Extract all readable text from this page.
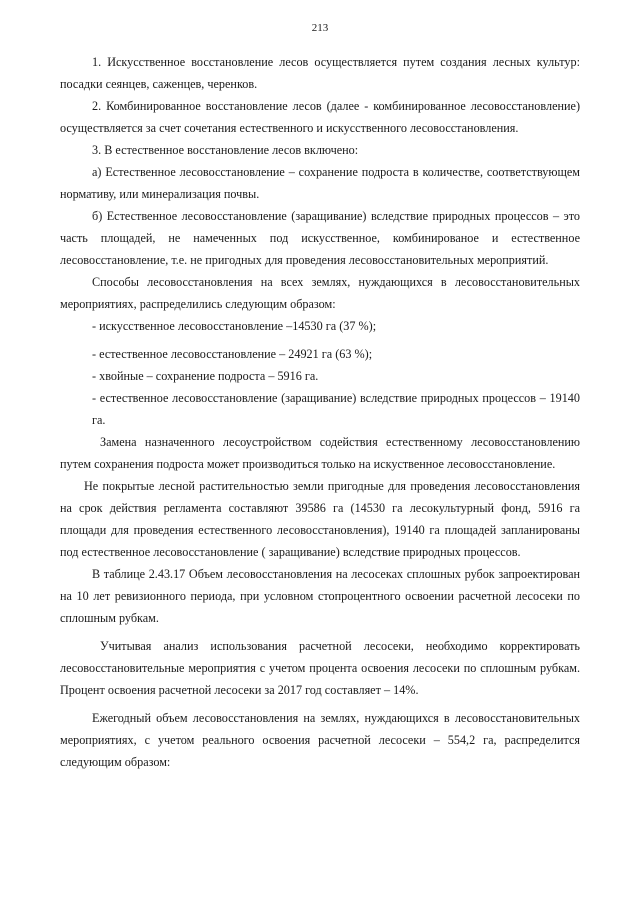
213

1. Искусственное восстановление лесов осуществляется путем создания лесных культур: посадки сеянцев, саженцев, черенков.

2. Комбинированное восстановление лесов (далее - комбинированное лесовосстановление) осуществляется за счет сочетания естественного и искусственного лесовосстановления.

3. В естественное восстановление лесов включено:

а) Естественное лесовосстановление – сохранение подроста в количестве, соответствующем нормативу, или минерализация почвы.

б) Естественное лесовосстановление (заращивание) вследствие природных процессов – это часть площадей, не намеченных под искусственное, комбинированое и естественное лесовосстановление, т.е. не пригодных для проведения лесовосстановительных мероприятий.

Способы лесовосстановления на всех землях, нуждающихся в лесовосстановительных мероприятиях, распределились следующим образом:

- искусственное лесовосстановление –14530 га (37 %);

- естественное лесовосстановление – 24921 га (63 %);

- хвойные – сохранение подроста – 5916 га.

- естественное лесовосстановление (заращивание) вследствие природных процессов – 19140 га.

Замена назначенного лесоустройством содействия естественному лесовосстановлению путем сохранения подроста может производиться только на искуственное лесовосстановление.

Не покрытые лесной растительностью земли пригодные для проведения лесовосстановления на срок действия регламента составляют 39586 га (14530 га лесокультурный фонд, 5916 га площади для проведения естественного лесовосстановления), 19140 га площадей запланированы под естественное лесовосстановление ( заращивание) вследствие природных процессов.

В таблице 2.43.17 Объем лесовосстановления на лесосеках сплошных рубок запроектирован на 10 лет ревизионного периода, при условном стопроцентного освоении расчетной лесосеки по сплошным рубкам.

Учитывая анализ использования расчетной лесосеки, необходимо корректировать лесовосстановительные мероприятия с учетом процента освоения лесосеки по сплошным рубкам. Процент освоения расчетной лесосеки за 2017 год составляет – 14%.

Ежегодный объем лесовосстановления на землях, нуждающихся в лесовосстановительных мероприятиях, с учетом реального освоения расчетной лесосеки – 554,2 га, распределится следующим образом:
